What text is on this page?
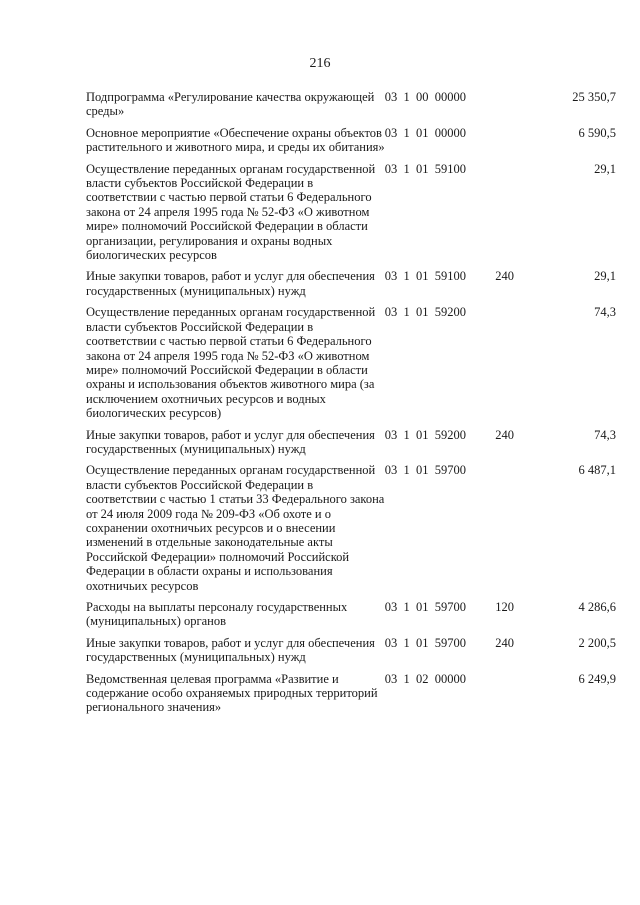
216
Подпрограмма «Регулирование качества окружающей среды»	03  1  00  00000		25 350,7
Основное мероприятие «Обеспечение охраны объектов растительного и животного мира, и среды их обитания»	03  1  01  00000		6 590,5
Осуществление переданных органам государственной власти субъектов Российской Федерации в соответствии с частью первой статьи 6 Федерального закона от 24 апреля 1995 года № 52-ФЗ «О животном мире» полномочий Российской Федерации в области организации, регулирования и охраны водных биологических ресурсов	03  1  01  59100		29,1
Иные закупки товаров, работ и услуг для обеспечения государственных (муниципальных) нужд	03  1  01  59100	240	29,1
Осуществление переданных органам государственной власти субъектов Российской Федерации в соответствии с частью первой статьи 6 Федерального закона от 24 апреля 1995 года № 52-ФЗ «О животном мире» полномочий Российской Федерации в области охраны и использования объектов животного мира (за исключением охотничьих ресурсов и водных биологических ресурсов)	03  1  01  59200		74,3
Иные закупки товаров, работ и услуг для обеспечения государственных (муниципальных) нужд	03  1  01  59200	240	74,3
Осуществление переданных органам государственной власти субъектов Российской Федерации в соответствии с частью 1 статьи 33 Федерального закона от 24 июля 2009 года № 209-ФЗ «Об охоте и о сохранении охотничьих ресурсов и о внесении изменений в отдельные законодательные акты Российской Федерации» полномочий Российской Федерации в области охраны и использования охотничьих ресурсов	03  1  01  59700		6 487,1
Расходы на выплаты персоналу государственных (муниципальных) органов	03  1  01  59700	120	4 286,6
Иные закупки товаров, работ и услуг для обеспечения государственных (муниципальных) нужд	03  1  01  59700	240	2 200,5
Ведомственная целевая программа «Развитие и содержание особо охраняемых природных территорий регионального значения»	03  1  02  00000		6 249,9
